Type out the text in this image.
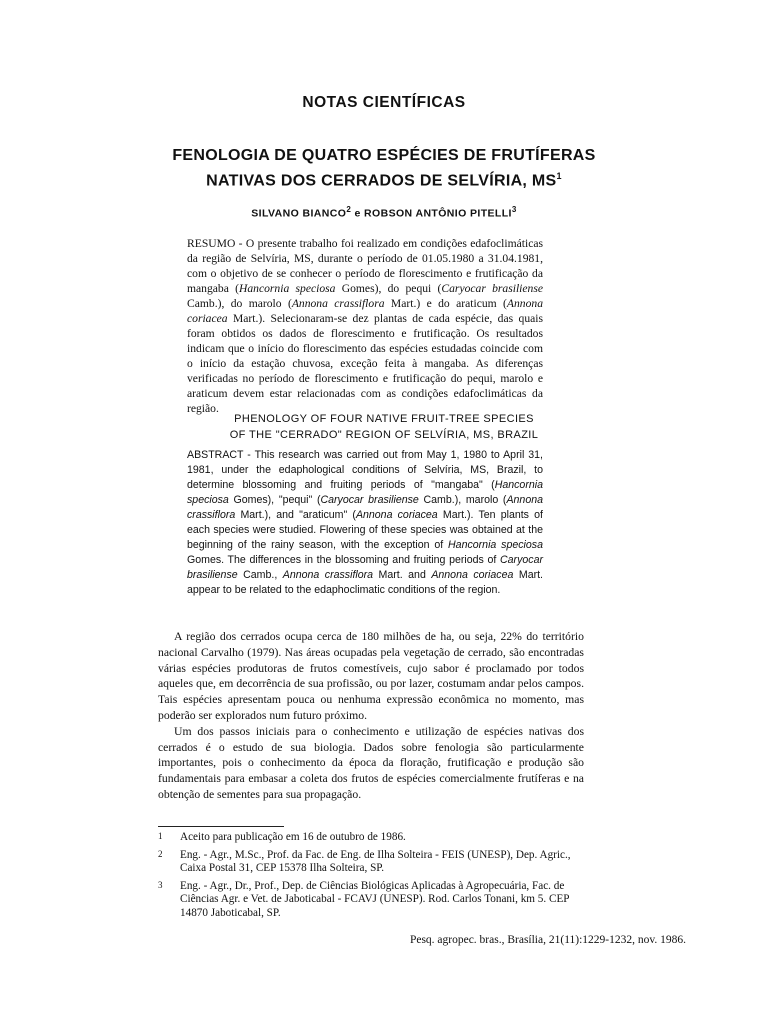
NOTAS CIENTÍFICAS
FENOLOGIA DE QUATRO ESPÉCIES DE FRUTÍFERAS
NATIVAS DOS CERRADOS DE SELVÍRIA, $MS^1$
SILVANO BIANCO$^2$ e ROBSON ANTÔNIO PITELLI$^3$
RESUMO - O presente trabalho foi realizado em condições edafoclimáticas da região de Selvíria, MS, durante o período de 01.05.1980 a 31.04.1981, com o objetivo de se conhecer o período de florescimento e frutificação da mangaba (Hancornia speciosa Gomes), do pequi (Caryocar brasiliense Camb.), do marolo (Annona crassiflora Mart.) e do araticum (Annona coriacea Mart.). Selecionaram-se dez plantas de cada espécie, das quais foram obtidos os dados de florescimento e frutificação. Os resultados indicam que o início do florescimento das espécies estudadas coincide com o início da estação chuvosa, exceção feita à mangaba. As diferenças verificadas no período de florescimento e frutificação do pequi, marolo e araticum devem estar relacionadas com as condições edafoclimáticas da região.
PHENOLOGY OF FOUR NATIVE FRUIT-TREE SPECIES
OF THE "CERRADO" REGION OF SELVÍRIA, MS, BRAZIL
ABSTRACT - This research was carried out from May 1, 1980 to April 31, 1981, under the edaphological conditions of Selvíria, MS, Brazil, to determine blossoming and fruiting periods of "mangaba" (Hancornia speciosa Gomes), "pequi" (Caryocar brasiliense Camb.), marolo (Annona crassiflora Mart.), and "araticum" (Annona coriacea Mart.). Ten plants of each species were studied. Flowering of these species was obtained at the beginning of the rainy season, with the exception of Hancornia speciosa Gomes. The differences in the blossoming and fruiting periods of Caryocar brasiliense Camb., Annona crassiflora Mart. and Annona coriacea Mart. appear to be related to the edaphoclimatic conditions of the region.

A região dos cerrados ocupa cerca de 180 milhões de ha, ou seja, 22% do território nacional Carvalho (1979). Nas áreas ocupadas pela vegetação de cerrado, são encontradas várias espécies produtoras de frutos comestíveis, cujo sabor é proclamado por todos aqueles que, em decorrência de sua profissão, ou por lazer, costumam andar pelos campos. Tais espécies apresentam pouca ou nenhuma expressão econômica no momento, mas poderão ser explorados num futuro próximo.

Um dos passos iniciais para o conhecimento e utilização de espécies nativas dos cerrados é o estudo de sua biologia. Dados sobre fenologia são particularmente importantes, pois o conhecimento da época da floração, frutificação e produção são fundamentais para embasar a coleta dos frutos de espécies comercialmente frutíferas e na obtenção de sementes para sua propagação.

1	Aceito para publicação em 16 de outubro de 1986.
2	Eng. - Agr., M.Sc., Prof. da Fac. de Eng. de Ilha Solteira - FEIS (UNESP), Dep. Agric., Caixa Postal 31, CEP 15378 Ilha Solteira, SP.
3	Eng. - Agr., Dr., Prof., Dep. de Ciências Biológicas Aplicadas à Agropecuária, Fac. de Ciências Agr. e Vet. de Jaboticabal - FCAVJ (UNESP). Rod. Carlos Tonani, km 5. CEP 14870 Jaboticabal, SP.
Pesq. agropec. bras., Brasília, 21(11):1229-1232, nov. 1986.
